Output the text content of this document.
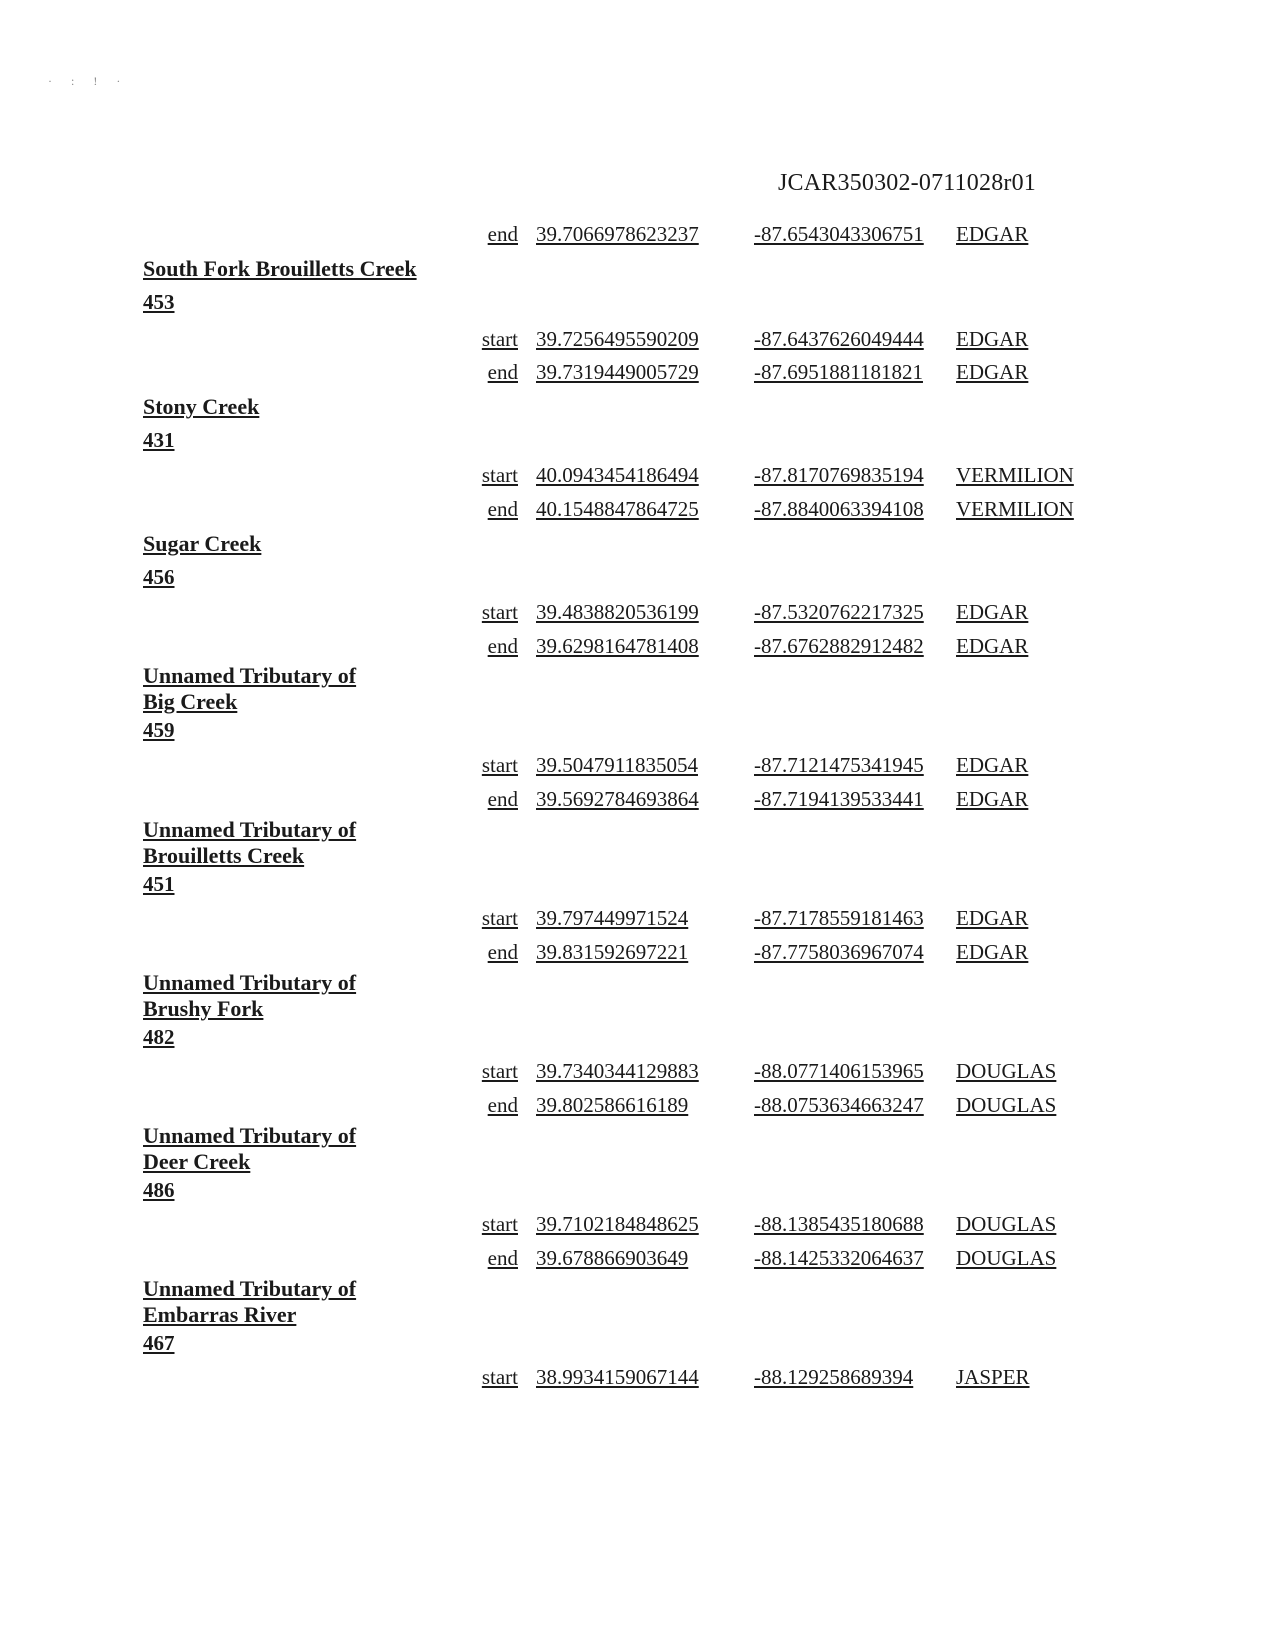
· : ! ·
JCAR350302-0711028r01
end 39.7066978623237	-87.6543043306751 EDGAR
South Fork Brouilletts Creek
453
start 39.7256495590209	-87.6437626049444 EDGAR
end 39.7319449005729	-87.6951881181821 EDGAR
Stony Creek
431
start 40.0943454186494	-87.8170769835194 VERMILION
end 40.1548847864725	-87.8840063394108 VERMILION
Sugar Creek
456
start 39.4838820536199	-87.5320762217325 EDGAR
end 39.6298164781408	-87.6762882912482 EDGAR
Unnamed Tributary of Big Creek
459
start 39.5047911835054	-87.7121475341945 EDGAR
end 39.5692784693864	-87.7194139533441 EDGAR
Unnamed Tributary of Brouilletts Creek
451
start 39.797449971524	-87.7178559181463 EDGAR
end 39.831592697221	-87.7758036967074 EDGAR
Unnamed Tributary of Brushy Fork
482
start 39.7340344129883	-88.0771406153965 DOUGLAS
end 39.802586616189	-88.0753634663247 DOUGLAS
Unnamed Tributary of Deer Creek
486
start 39.7102184848625	-88.1385435180688 DOUGLAS
end 39.678866903649	-88.1425332064637 DOUGLAS
Unnamed Tributary of Embarras River
467
start 38.9934159067144	-88.129258689394 JASPER
